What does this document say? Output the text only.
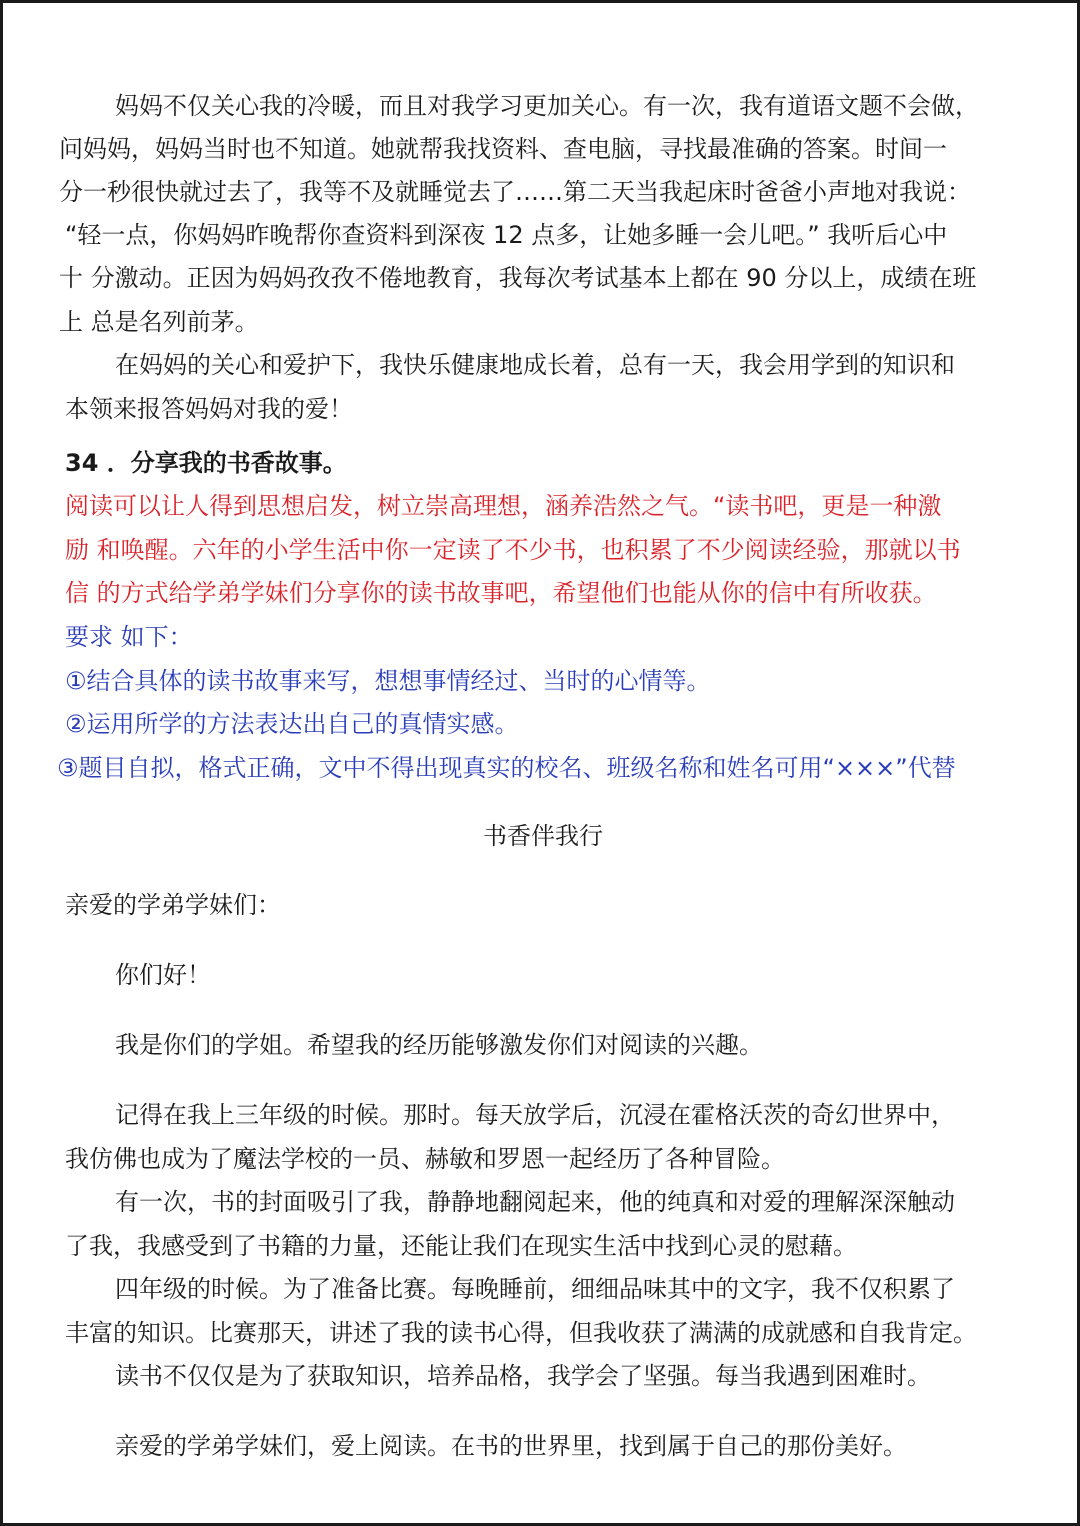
妈妈不仅关心我的冷暖，而且对我学习更加关心。有一次，我有道语文题不会做，

问妈妈，妈妈当时也不知道。她就帮我找资料、查电脑，寻找最准确的答案。时间一

分一秒很快就过去了，我等不及就睡觉去了……第二天当我起床时爸爸小声地对我说：

“轻一点，你妈妈昨晚帮你查资料到深夜 12 点多，让她多睡一会儿吧。” 我听后心中

十 分激动。正因为妈妈孜孜不倦地教育，我每次考试基本上都在 90 分以上，成绩在班

上 总是名列前茅。

在妈妈的关心和爱护下，我快乐健康地成长着，总有一天，我会用学到的知识和

本领来报答妈妈对我的爱！

34 ．分享我的书香故事。

阅读可以让人得到思想启发，树立崇高理想，涵养浩然之气。“读书吧，更是一种激

励 和唤醒。六年的小学生活中你一定读了不少书，也积累了不少阅读经验，那就以书

信 的方式给学弟学妹们分享你的读书故事吧，希望他们也能从你的信中有所收获。

要求 如下：

①结合具体的读书故事来写，想想事情经过、当时的心情等。

②运用所学的方法表达出自己的真情实感。

③题目自拟，格式正确，文中不得出现真实的校名、班级名称和姓名可用“×××”代替

书香伴我行

亲爱的学弟学妹们：

你们好！

我是你们的学姐。希望我的经历能够激发你们对阅读的兴趣。

记得在我上三年级的时候。那时。每天放学后，沉浸在霍格沃茨的奇幻世界中，

我仿佛也成为了魔法学校的一员、赫敏和罗恩一起经历了各种冒险。

有一次，书的封面吸引了我，静静地翻阅起来，他的纯真和对爱的理解深深触动

了我，我感受到了书籍的力量，还能让我们在现实生活中找到心灵的慰藉。

四年级的时候。为了准备比赛。每晚睡前，细细品味其中的文字，我不仅积累了

丰富的知识。比赛那天，讲述了我的读书心得，但我收获了满满的成就感和自我肯定。

读书不仅仅是为了获取知识，培养品格，我学会了坚强。每当我遇到困难时。

亲爱的学弟学妹们，爱上阅读。在书的世界里，找到属于自己的那份美好。
